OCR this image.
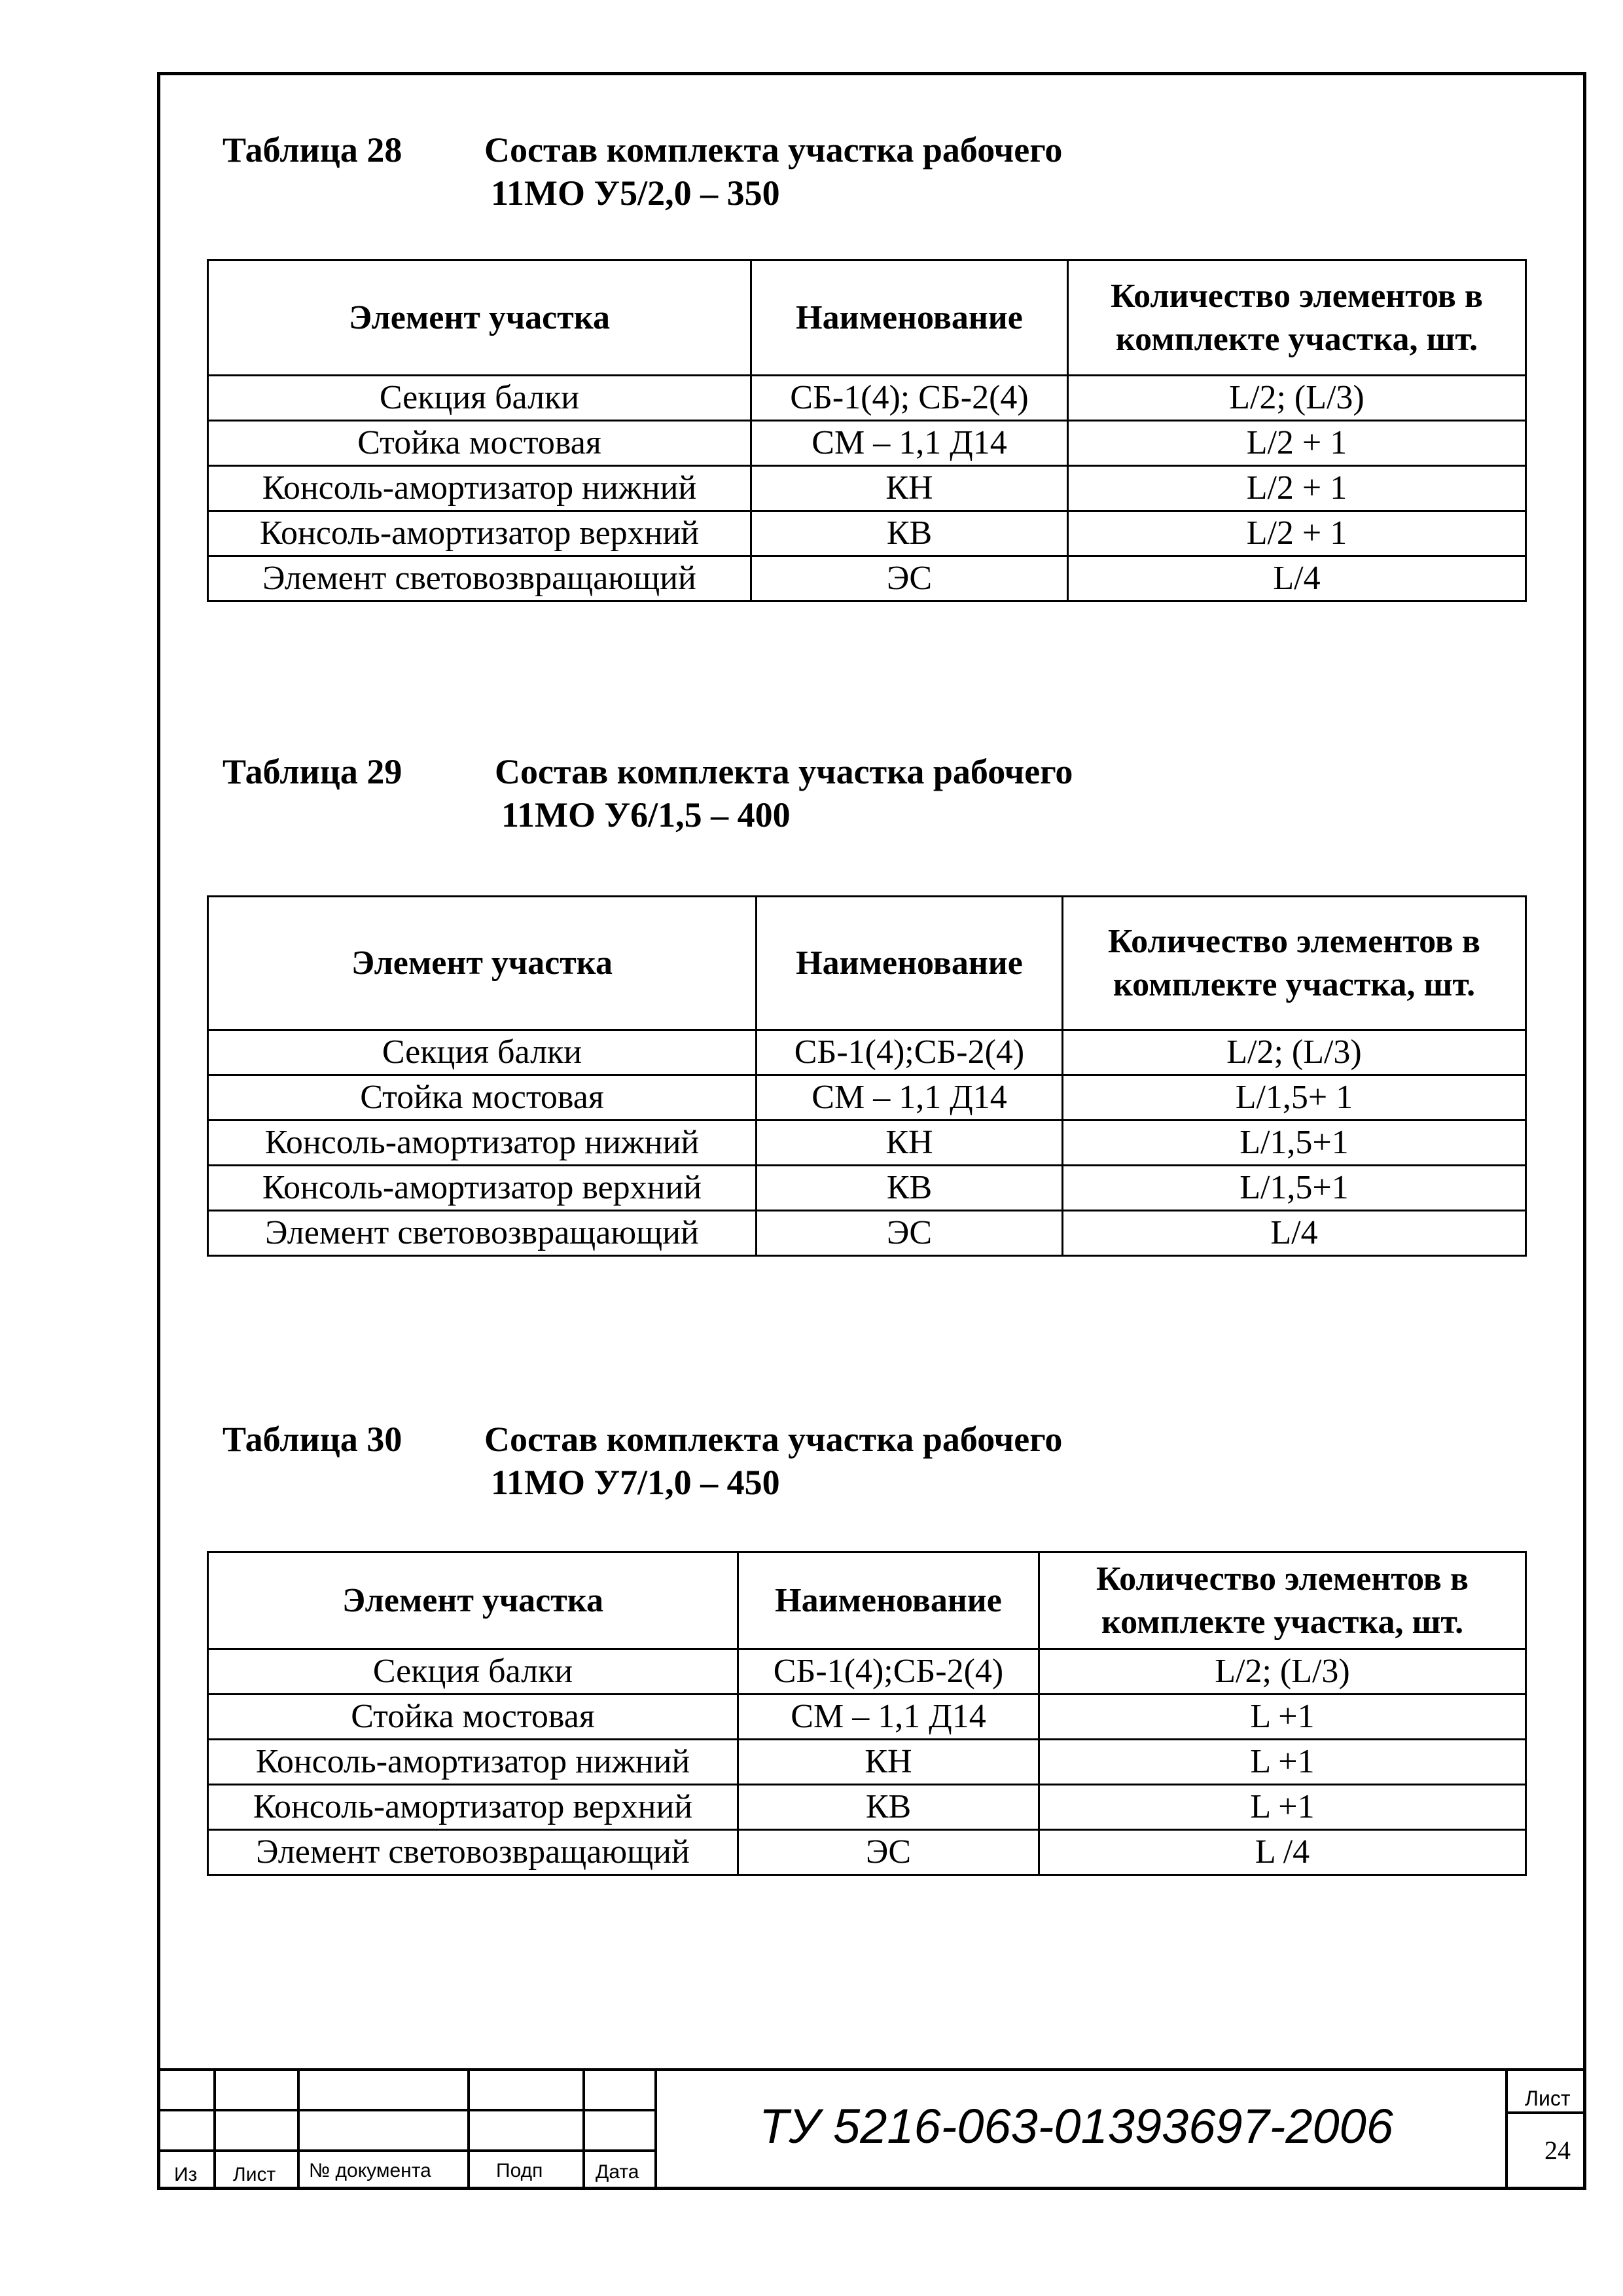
Таблица 28 Состав комплекта участка рабочего
11МО У5/2,0 – 350
Элемент участка	Наименование	Количество элементов в комплекте участка, шт.
Секция балки	СБ-1(4); СБ-2(4)	L/2; (L/3)
Стойка мостовая	СМ – 1,1 Д14	L/2 + 1
Консоль-амортизатор нижний	КН	L/2 + 1
Консоль-амортизатор верхний	КВ	L/2 + 1
Элемент световозвращающий	ЭС	L/4
Таблица 29	Состав комплекта участка рабочего
11МО У6/1,5 – 400
Элемент участка	Наименование	Количество элементов в комплекте участка, шт.
Секция балки	СБ-1(4);СБ-2(4)	L/2; (L/3)
Стойка мостовая	СМ – 1,1 Д14	L/1,5+ 1
Консоль-амортизатор нижний	КН	L/1,5+1
Консоль-амортизатор верхний	КВ	L/1,5+1
Элемент световозвращающий	ЭС	L/4
Таблица 30 Состав комплекта участка рабочего
11МО У7/1,0 – 450
Элемент участка	Наименование	Количество элементов в комплекте участка, шт.
Секция балки	СБ-1(4);СБ-2(4)	L/2; (L/3)
Стойка мостовая	СМ – 1,1 Д14	L +1
Консоль-амортизатор нижний	КН	L +1
Консоль-амортизатор верхний	КВ	L +1
Элемент световозвращающий	ЭС	L /4
Из Лист № документа	Подп	Дата
ТУ 5216-063-01393697-2006
Лист
24
